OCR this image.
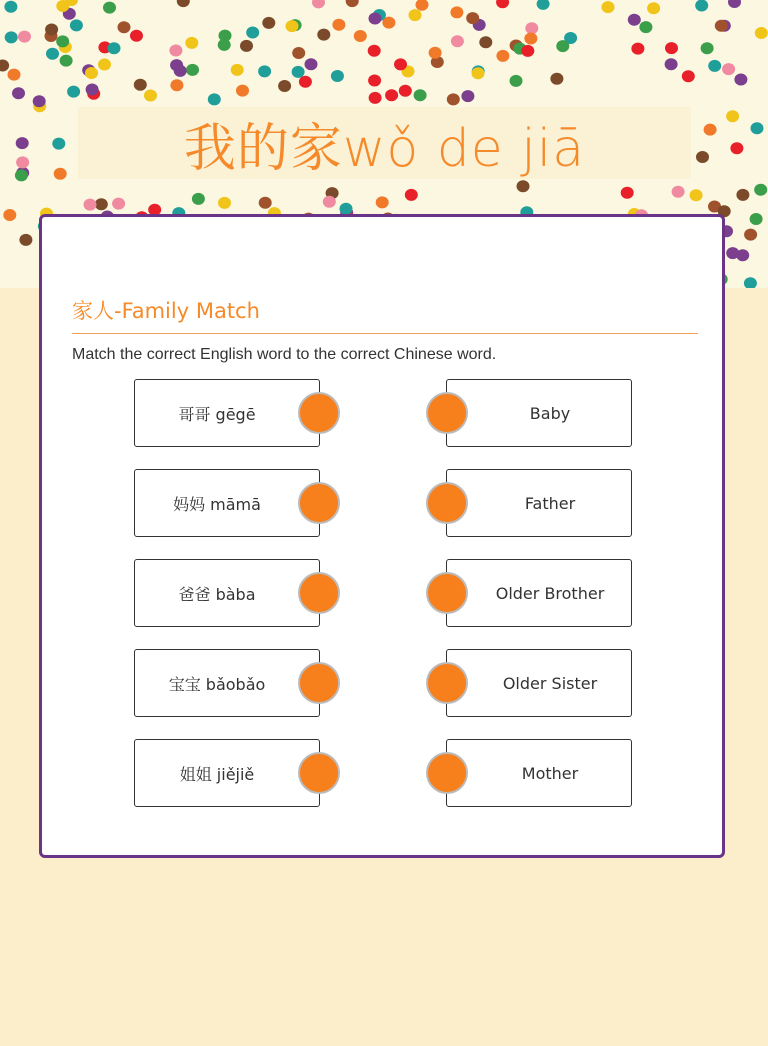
我的家wǒ de jiā
家人-Family Match
Match the correct English word to the correct Chinese word.
哥哥 gēgē
妈妈 māmā
爸爸 bàba
宝宝 bǎobǎo
姐姐 jiějiě
Baby
Father
Older Brother
Older Sister
Mother
